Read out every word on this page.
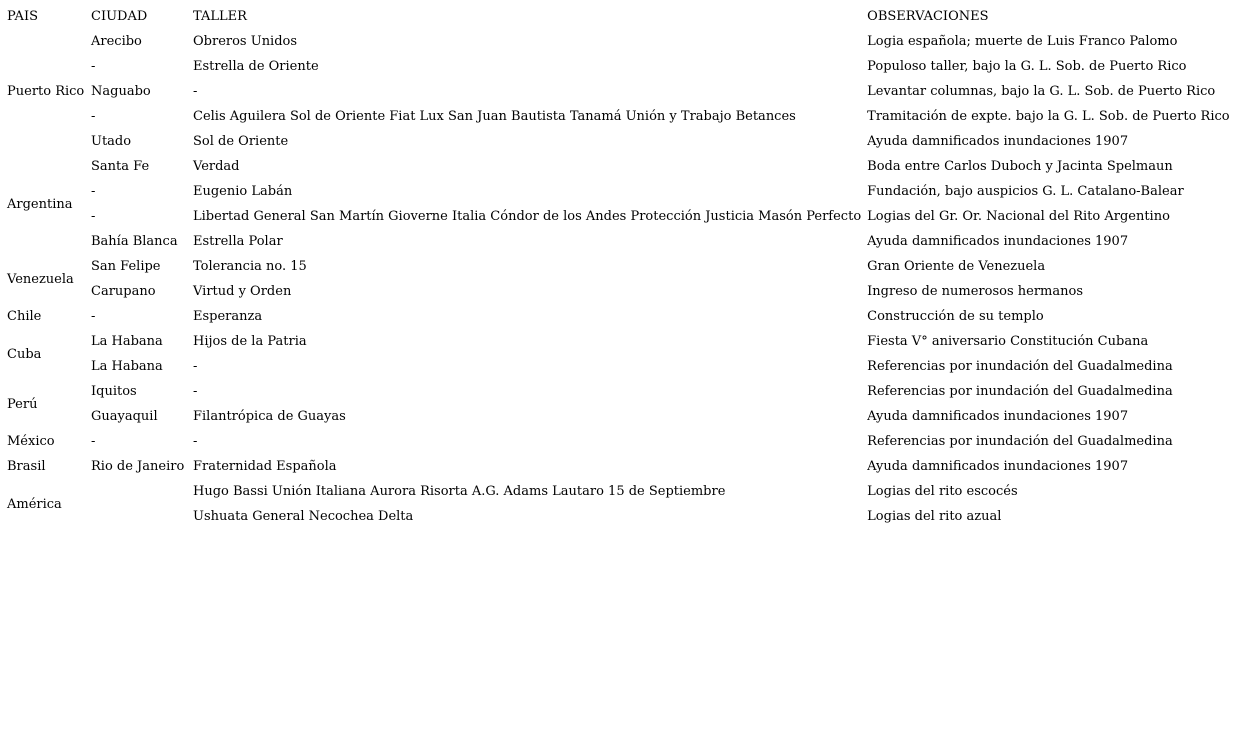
PAIS	CIUDAD	TALLER	OBSERVACIONES
Puerto Rico	Arecibo	Obreros Unidos	Logia española; muerte de Luis Franco Palomo
	-	Estrella de Oriente	Populoso taller, bajo la G. L. Sob. de Puerto Rico
	Naguabo	-	Levantar columnas, bajo la G. L. Sob. de Puerto Rico
	-	Celis Aguilera Sol de Oriente Fiat Lux San Juan Bautista Tanamá Unión y Trabajo Betances	Tramitación de expte. bajo la G. L. Sob. de Puerto Rico
	Utado	Sol de Oriente	Ayuda damnificados inundaciones 1907
Argentina	Santa Fe	Verdad	Boda entre Carlos Duboch y Jacinta Spelmaun
	-	Eugenio Labán	Fundación, bajo auspicios G. L. Catalano-Balear
	-	Libertad General San Martín Gioverne Italia Cóndor de los Andes Protección Justicia Masón Perfecto	Logias del Gr. Or. Nacional del Rito Argentino
	Bahía Blanca	Estrella Polar	Ayuda damnificados inundaciones 1907
Venezuela	San Felipe	Tolerancia no. 15	Gran Oriente de Venezuela
	Carupano	Virtud y Orden	Ingreso de numerosos hermanos
Chile	-	Esperanza	Construcción de su templo
Cuba	La Habana	Hijos de la Patria	Fiesta V° aniversario Constitución Cubana
	La Habana	-	Referencias por inundación del Guadalmedina
Perú	Iquitos	-	Referencias por inundación del Guadalmedina
	Guayaquil	Filantrópica de Guayas	Ayuda damnificados inundaciones 1907
México	-	-	Referencias por inundación del Guadalmedina
Brasil	Rio de Janeiro	Fraternidad Española	Ayuda damnificados inundaciones 1907
América		Hugo Bassi Unión Italiana Aurora Risorta A.G. Adams Lautaro 15 de Septiembre	Logias del rito escocés
		Ushuata General Necochea Delta	Logias del rito azual
